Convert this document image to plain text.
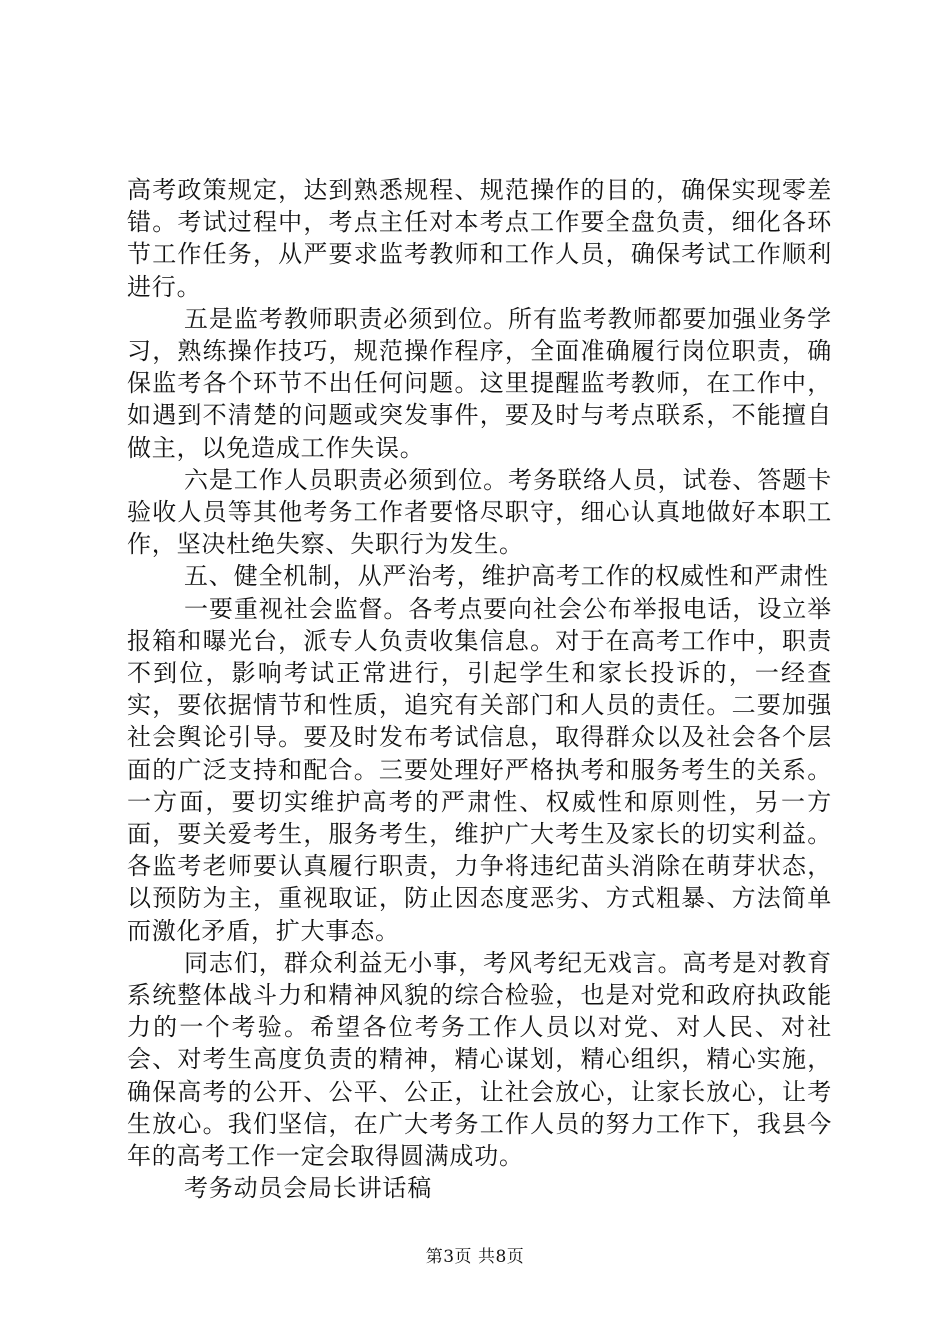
高考政策规定，达到熟悉规程、规范操作的目的，确保实现零差错。考试过程中，考点主任对本考点工作要全盘负责，细化各环节工作任务，从严要求监考教师和工作人员，确保考试工作顺利进行。

五是监考教师职责必须到位。所有监考教师都要加强业务学习，熟练操作技巧，规范操作程序，全面准确履行岗位职责，确保监考各个环节不出任何问题。这里提醒监考教师，在工作中，如遇到不清楚的问题或突发事件，要及时与考点联系，不能擅自做主，以免造成工作失误。

六是工作人员职责必须到位。考务联络人员，试卷、答题卡验收人员等其他考务工作者要恪尽职守，细心认真地做好本职工作，坚决杜绝失察、失职行为发生。

五、健全机制，从严治考，维护高考工作的权威性和严肃性

一要重视社会监督。各考点要向社会公布举报电话，设立举报箱和曝光台，派专人负责收集信息。对于在高考工作中，职责不到位，影响考试正常进行，引起学生和家长投诉的，一经查实，要依据情节和性质，追究有关部门和人员的责任。二要加强社会舆论引导。要及时发布考试信息，取得群众以及社会各个层面的广泛支持和配合。三要处理好严格执考和服务考生的关系。一方面，要切实维护高考的严肃性、权威性和原则性，另一方面，要关爱考生，服务考生，维护广大考生及家长的切实利益。各监考老师要认真履行职责，力争将违纪苗头消除在萌芽状态，以预防为主，重视取证，防止因态度恶劣、方式粗暴、方法简单而激化矛盾，扩大事态。

同志们，群众利益无小事，考风考纪无戏言。高考是对教育系统整体战斗力和精神风貌的综合检验，也是对党和政府执政能力的一个考验。希望各位考务工作人员以对党、对人民、对社会、对考生高度负责的精神，精心谋划，精心组织，精心实施，确保高考的公开、公平、公正，让社会放心，让家长放心，让考生放心。我们坚信，在广大考务工作人员的努力工作下，我县今年的高考工作一定会取得圆满成功。

考务动员会局长讲话稿

第3页 共8页
